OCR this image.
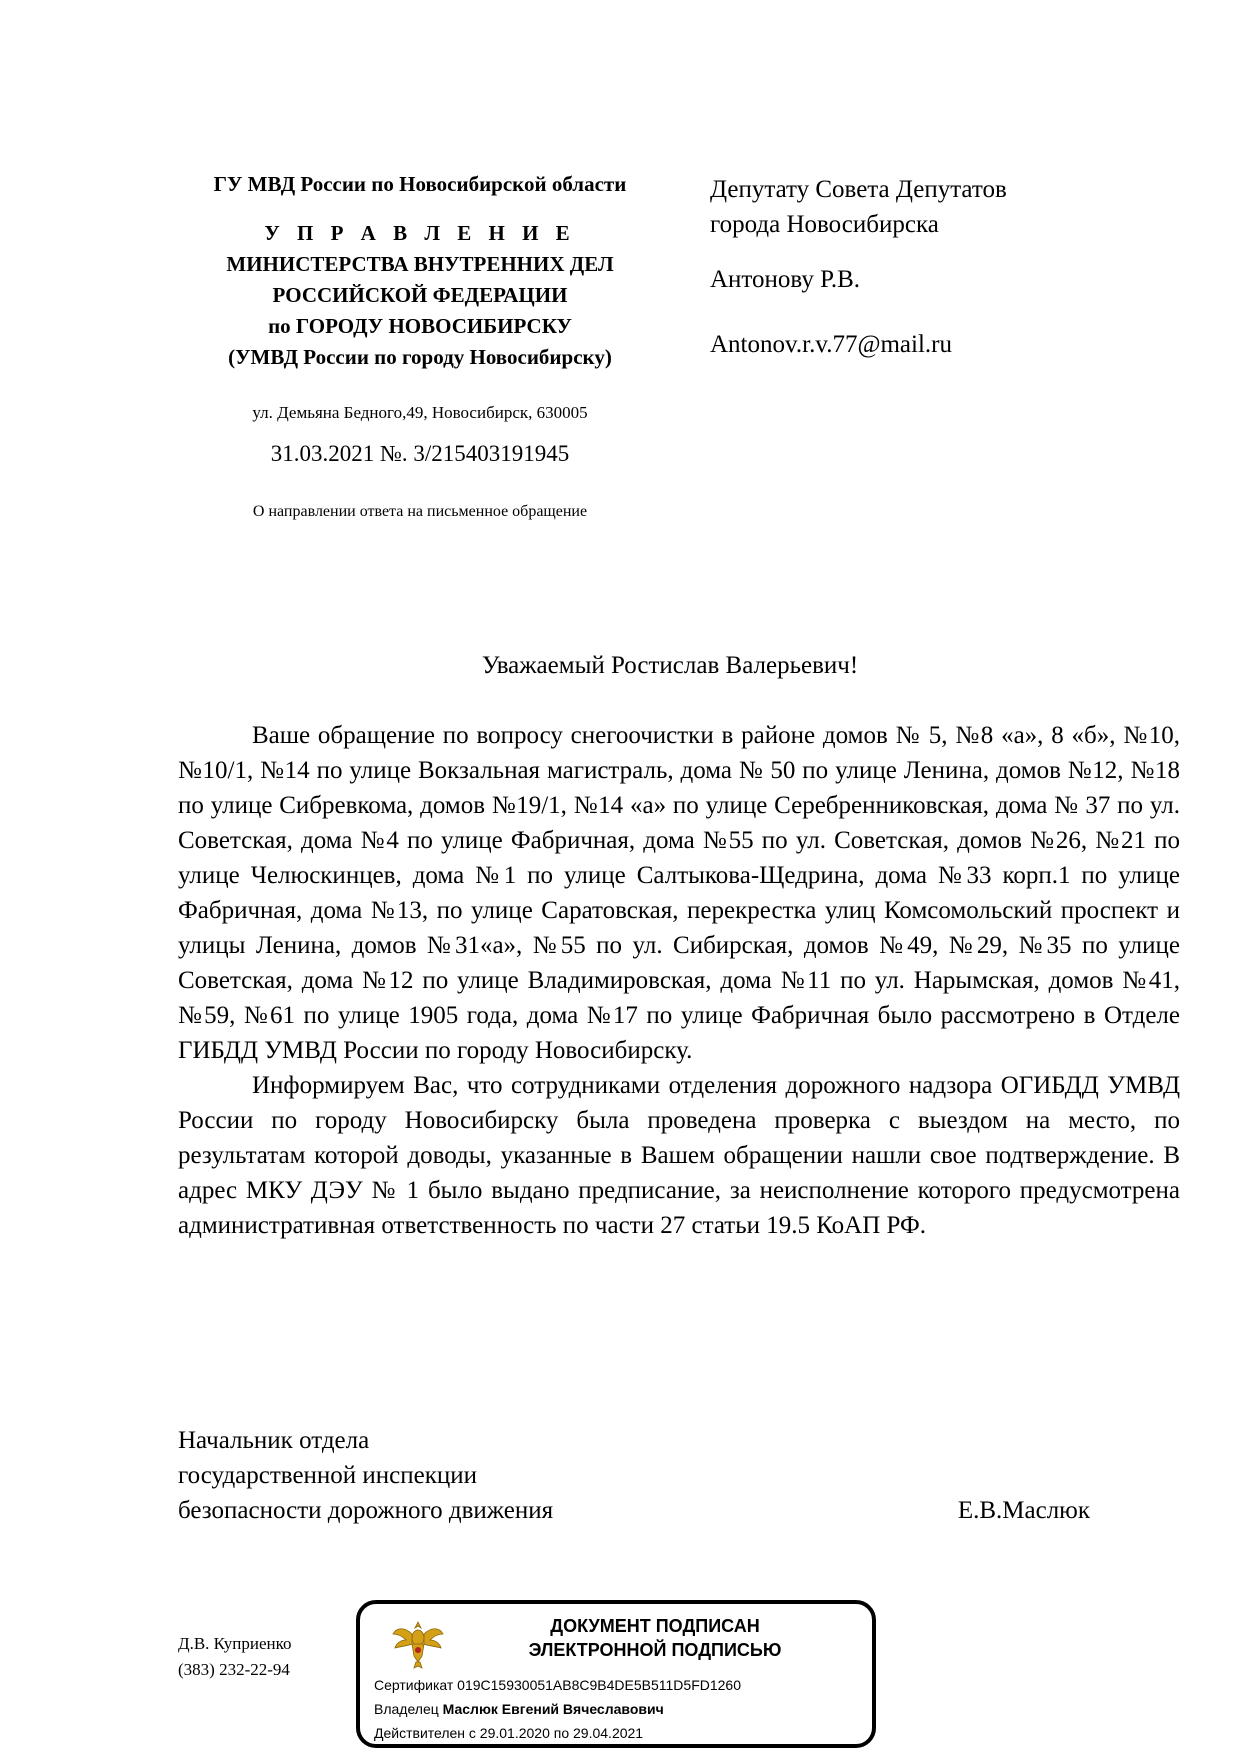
ГУ МВД России по Новосибирской области
У П Р А В Л Е Н И Е
МИНИСТЕРСТВА ВНУТРЕННИХ ДЕЛ
РОССИЙСКОЙ ФЕДЕРАЦИИ
по ГОРОДУ НОВОСИБИРСКУ
(УМВД России по городу Новосибирску)
ул. Демьяна Бедного,49, Новосибирск, 630005
31.03.2021 №. 3/215403191945
О направлении ответа на письменное обращение
Депутату Совета Депутатов
города Новосибирска
Антонову Р.В.
Antonov.r.v.77@mail.ru
Уважаемый Ростислав Валерьевич!

Ваше обращение по вопросу снегоочистки в районе домов № 5, №8 «а», 8 «б», №10, №10/1, №14 по улице Вокзальная магистраль, дома № 50 по улице Ленина, домов №12, №18 по улице Сибревкома, домов №19/1, №14 «а» по улице Серебренниковская, дома № 37 по ул. Советская, дома №4 по улице Фабричная, дома №55 по ул. Советская, домов №26, №21 по улице Челюскинцев, дома №1 по улице Салтыкова-Щедрина, дома №33 корп.1 по улице Фабричная, дома №13, по улице Саратовская, перекрестка улиц Комсомольский проспект и улицы Ленина, домов №31«а», №55 по ул. Сибирская, домов №49, №29, №35 по улице Советская, дома №12 по улице Владимировская, дома №11 по ул. Нарымская, домов №41, №59, №61 по улице 1905 года, дома №17 по улице Фабричная было рассмотрено в Отделе ГИБДД УМВД России по городу Новосибирску.

Информируем Вас, что сотрудниками отделения дорожного надзора ОГИБДД УМВД России по городу Новосибирску была проведена проверка с выездом на место, по результатам которой доводы, указанные в Вашем обращении нашли свое подтверждение. В адрес МКУ ДЭУ № 1 было выдано предписание, за неисполнение которого предусмотрена административная ответственность по части 27 статьи 19.5 КоАП РФ.

Начальник отдела
государственной инспекции
безопасности дорожного движения	Е.В.Маслюк
Д.В. Куприенко
(383) 232-22-94
ДОКУМЕНТ ПОДПИСАН
ЭЛЕКТРОННОЙ ПОДПИСЬЮ
Сертификат 019C15930051AB8C9B4DE5B511D5FD1260
Владелец Маслюк Евгений Вячеславович
Действителен с 29.01.2020 по 29.04.2021
